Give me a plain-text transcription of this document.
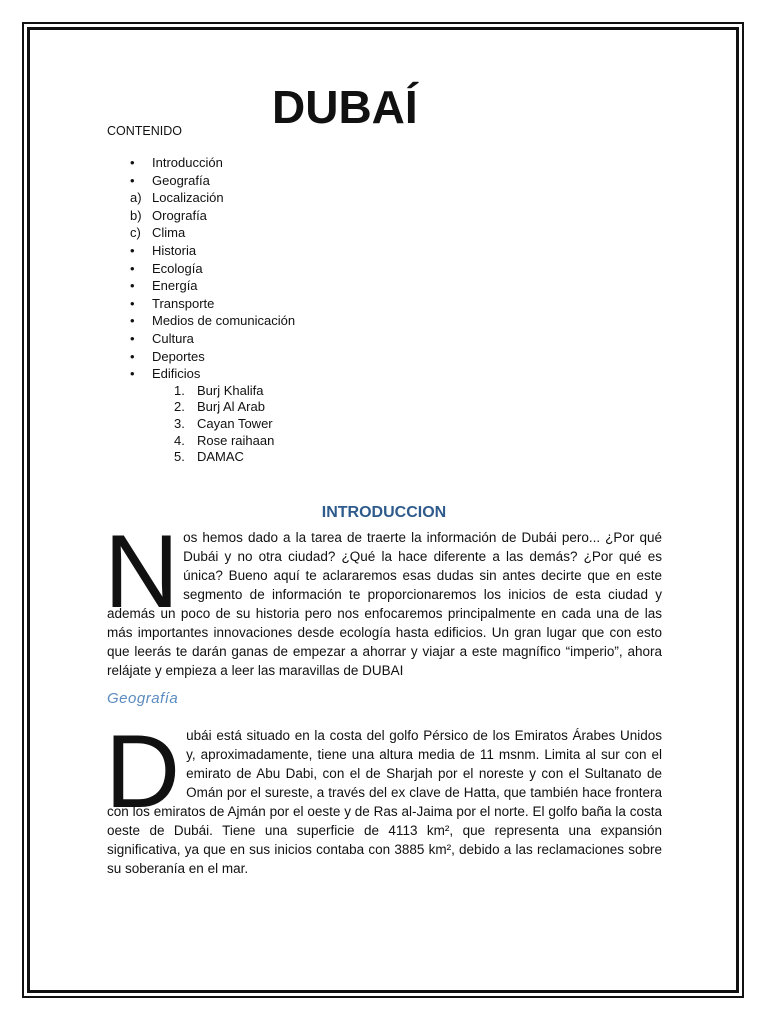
DUBAÍ

CONTENIDO

•	Introducción
•	Geografía
a) Localización
b) Orografía
c) Clima
•	Historia
•	Ecología
•	Energía
•	Transporte
•	Medios de comunicación
•	Cultura
•	Deportes
•	Edificios
1. Burj Khalifa
2. Burj Al Arab
3. Cayan Tower
4. Rose raihaan
5. DAMAC
INTRODUCCION

Nos hemos dado a la tarea de traerte la información de Dubái pero... ¿Por qué Dubái y no otra ciudad? ¿Qué la hace diferente a las demás? ¿Por qué es única? Bueno aquí te aclararemos esas dudas sin antes decirte que en este segmento de información te proporcionaremos los inicios de esta ciudad y además un poco de su historia pero nos enfocaremos principalmente en cada una de las más importantes innovaciones desde ecología hasta edificios. Un gran lugar que con esto que leerás te darán ganas de empezar a ahorrar y viajar a este magnífico “imperio”, ahora relájate y empieza a leer las maravillas de DUBAI

Geografía

Dubái está situado en la costa del golfo Pérsico de los Emiratos Árabes Unidos y, aproximadamente, tiene una altura media de 11 msnm. Limita al sur con el emirato de Abu Dabi, con el de Sharjah por el noreste y con el Sultanato de Omán por el sureste, a través del ex clave de Hatta, que también hace frontera con los emiratos de Ajmán por el oeste y de Ras al-Jaima por el norte. El golfo baña la costa oeste de Dubái. Tiene una superficie de 4113 km², que representa una expansión significativa, ya que en sus inicios contaba con 3885 km², debido a las reclamaciones sobre su soberanía en el mar.
